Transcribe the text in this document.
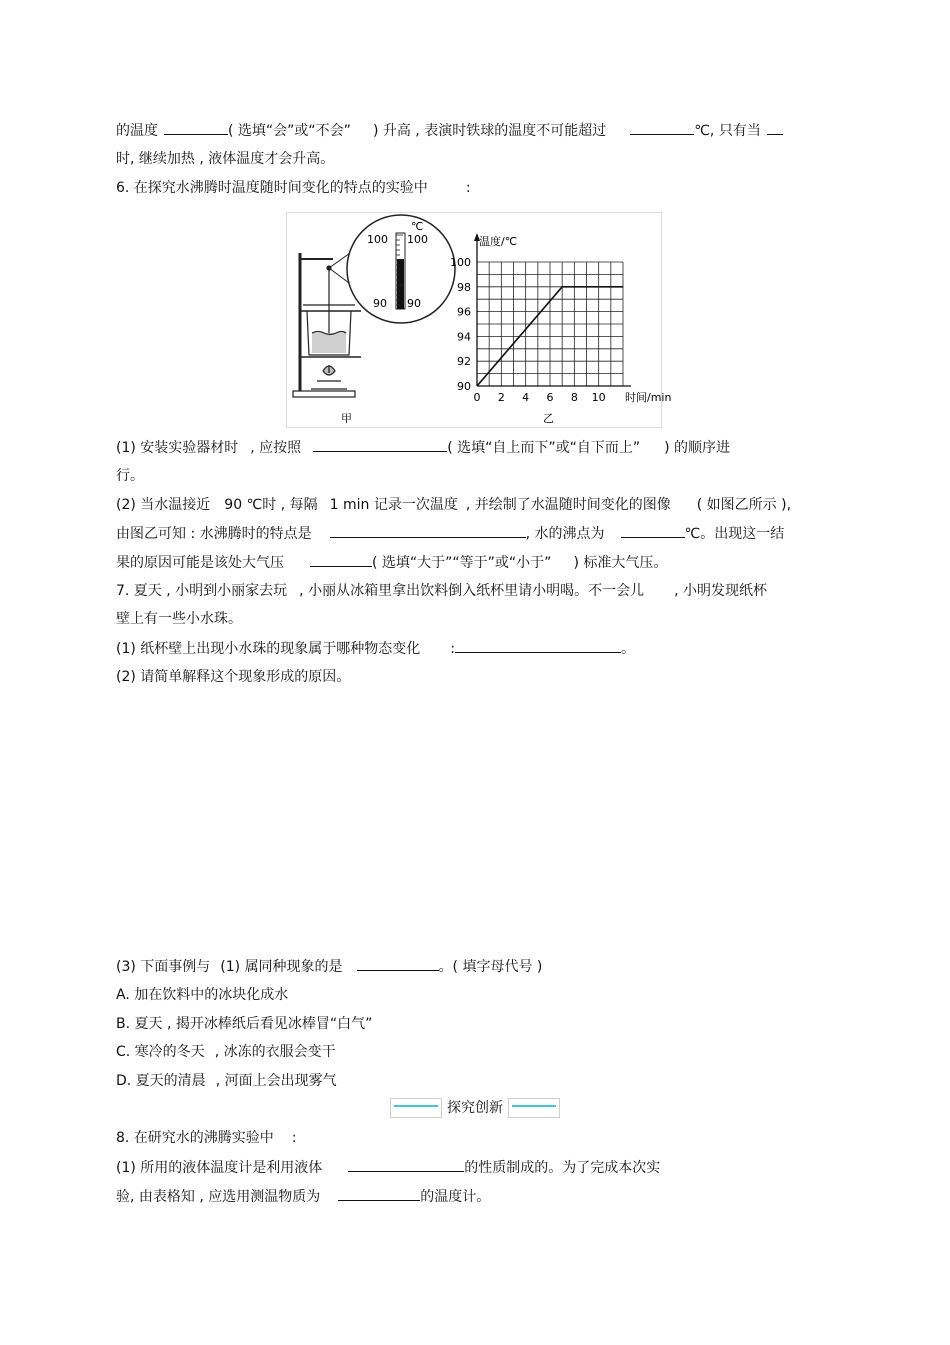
的温度	( 选填“会”或“不会” ) 升高 , 表演时铁球的温度不可能超过	℃, 只有当
时, 继续加热 , 液体温度才会升高。
6. 在探究水沸腾时温度随时间变化的特点的实验中	:
℃
100 100
90 90
甲	乙
0 2 4 6 8 10
90
92
94
96
98
100
温度/℃
时间/min
(1) 安装实验器材时 , 应按照	( 选填“自上而下”或“自下而上” ) 的顺序进
行。
(2) 当水温接近 90 ℃时 , 每隔 1 min 记录一次温度 , 并绘制了水温随时间变化的图像 ( 如图乙所示 ),
由图乙可知 : 水沸腾时的特点是	, 水的沸点为	℃。出现这一结
果的原因可能是该处大气压	( 选填“大于”“等于”或“小于” ) 标准大气压。
7. 夏天 , 小明到小丽家去玩 , 小丽从冰箱里拿出饮料倒入纸杯里请小明喝。不一会儿 , 小明发现纸杯
壁上有一些小水珠。
(1) 纸杯壁上出现小水珠的现象属于哪种物态变化 :	。
(2) 请简单解释这个现象形成的原因。
(3) 下面事例与 (1) 属同种现象的是	。( 填字母代号 )
A. 加在饮料中的冰块化成水
B. 夏天 , 揭开冰棒纸后看见冰棒冒“白气”
C. 寒冷的冬天 , 冰冻的衣服会变干
D. 夏天的清晨 , 河面上会出现雾气
探究创新
8. 在研究水的沸腾实验中 :
(1) 所用的液体温度计是利用液体	的性质制成的。为了完成本次实
验, 由表格知 , 应选用测温物质为	的温度计。
